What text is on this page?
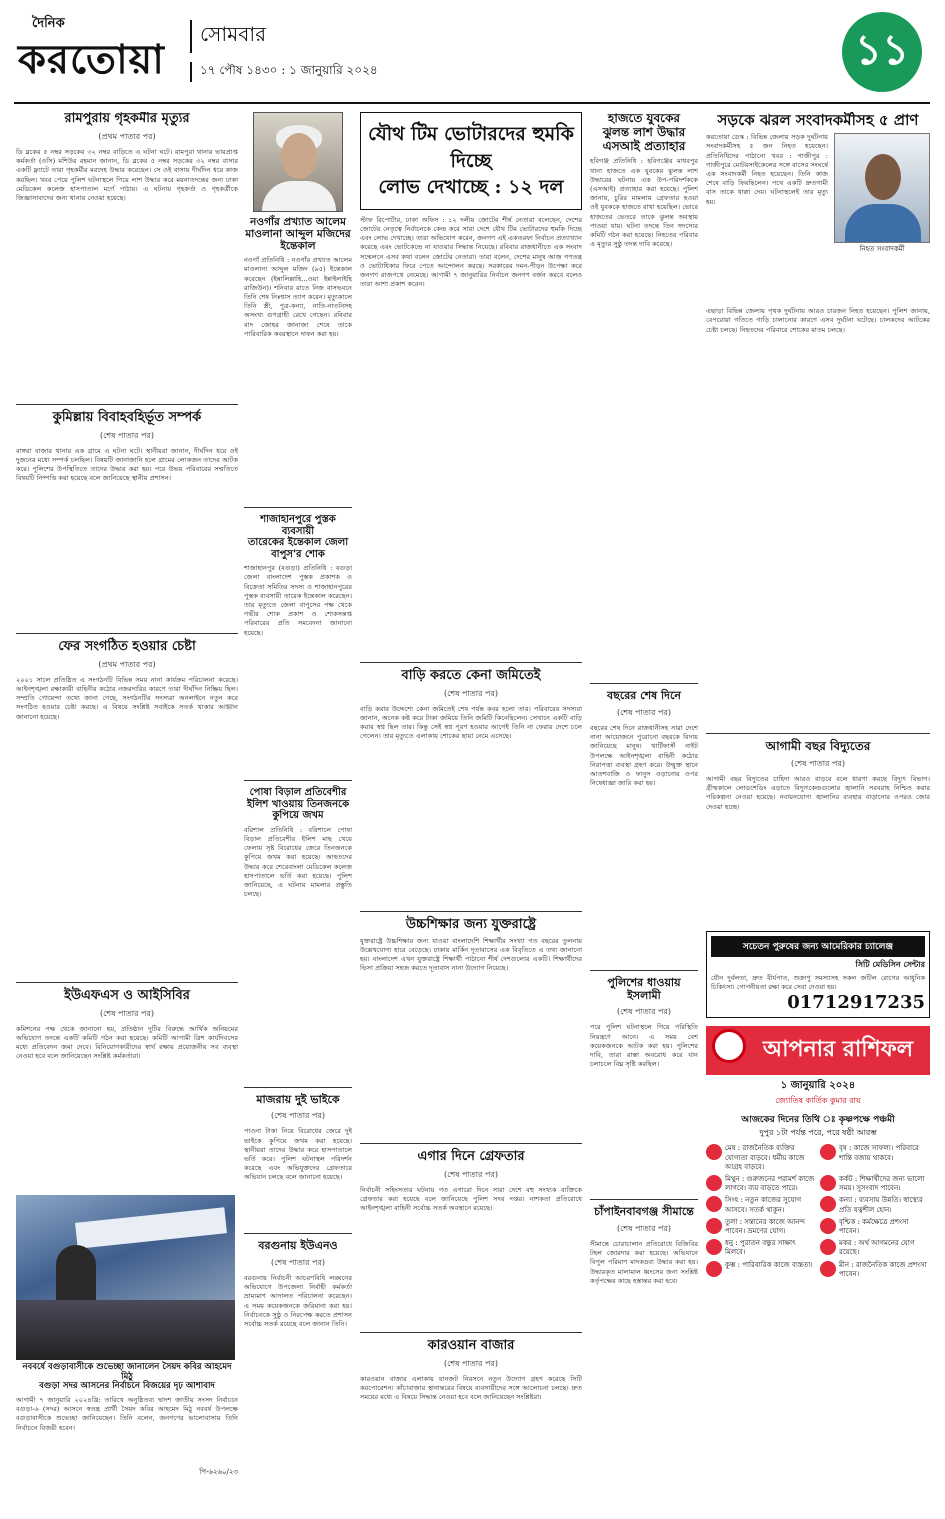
দৈনিক
করতোয়া
সোমবার
১৭ পৌষ ১৪৩০ : ১ জানুয়ারি ২০২৪	১১
রামপুরায় গৃহকর্মীর মৃত্যুর
(প্রথম পাতার পর)
ডি ব্লকের ৫ নম্বর সড়কের ৩২ নম্বর বাড়িতে এ ঘটনা ঘটে। রামপুরা থানার ভারপ্রাপ্ত কর্মকর্তা (ওসি) মশিউর রহমান জানান, ডি ব্লকের ৫ নম্বর সড়কের ৩২ নম্বর বাসার একটি ফ্ল্যাটে তারা গৃহকর্মীর মরদেহ উদ্ধার করেছেন। সে ওই বাসায় দীর্ঘদিন ধরে কাজ করছিল। খবর পেয়ে পুলিশ ঘটনাস্থলে গিয়ে লাশ উদ্ধার করে ময়নাতদন্তের জন্য ঢাকা মেডিকেল কলেজ হাসপাতাল মর্গে পাঠায়। এ ঘটনায় গৃহকর্তা ও গৃহকর্ত্রীকে জিজ্ঞাসাবাদের জন্য থানায় নেওয়া হয়েছে।
কুমিল্লায় বিবাহবহির্ভূত সম্পর্ক
(শেষ পাতার পর)
বাঙ্গরা বাজার থানার এক গ্রামে এ ঘটনা ঘটে। স্থানীয়রা জানান, দীর্ঘদিন ধরে ওই দুজনের মধ্যে সম্পর্ক চলছিল। বিষয়টি জানাজানি হলে গ্রামের লোকজন তাদের আটক করে। পুলিশের উপস্থিতিতে তাদের উদ্ধার করা হয়। পরে উভয় পরিবারের সম্মতিতে বিষয়টি নিষ্পত্তি করা হয়েছে বলে জানিয়েছে স্থানীয় প্রশাসন।
ফের সংগঠিত হওয়ার চেষ্টা
(প্রথম পাতার পর)
২০০১ সালে প্রতিষ্ঠিত এ সংগঠনটি বিভিন্ন সময় নানা কার্যক্রম পরিচালনা করেছে। আইনশৃঙ্খলা রক্ষাকারী বাহিনীর কঠোর নজরদারির কারণে তারা দীর্ঘদিন নিষ্ক্রিয় ছিল। সম্প্রতি গোয়েন্দা তথ্যে জানা গেছে, সংগঠনটির সদস্যরা অনলাইনে নতুন করে সংগঠিত হওয়ার চেষ্টা করছে। এ বিষয়ে সংশ্লিষ্ট সবাইকে সতর্ক থাকার আহ্বান জানানো হয়েছে।
ইউএফএস ও আইসিবির
(শেষ পাতার পর)
কমিশনের পক্ষ থেকে জানানো হয়, প্রতিষ্ঠান দুটির বিরুদ্ধে আর্থিক অনিয়মের অভিযোগ তদন্তে একটি কমিটি গঠন করা হয়েছে। কমিটি আগামী ত্রিশ কার্যদিবসের মধ্যে প্রতিবেদন জমা দেবে। বিনিয়োগকারীদের স্বার্থ রক্ষায় প্রয়োজনীয় সব ব্যবস্থা নেওয়া হবে বলে জানিয়েছেন সংশ্লিষ্ট কর্মকর্তারা।
নববর্ষে বগুড়াবাসীকে শুভেচ্ছা জানালেন সৈয়দ কবির আহমেদ মিঠু
বগুড়া সদর আসনের নির্বাচনে বিজয়ের দৃঢ় আশাবাদ
আগামী ৭ জানুয়ারি ২০২৪খ্রি: তারিখে অনুষ্ঠিতব্য দ্বাদশ জাতীয় সংসদ নির্বাচনে বগুড়া-৬ (সদর) আসনে স্বতন্ত্র প্রার্থী সৈয়দ কবির আহমেদ মিঠু নববর্ষ উপলক্ষে বগুড়াবাসীকে শুভেচ্ছা জানিয়েছেন। তিনি বলেন, জনগণের ভালোবাসায় তিনি নির্বাচনে বিজয়ী হবেন।
পি-৬২৬০/২৩
নওগাঁর প্রখ্যাত আলেম
মাওলানা আব্দুল মজিদের ইন্তেকাল
নওগাঁ প্রতিনিধি : নওগাঁর প্রখ্যাত আলেম মাওলানা আব্দুল মজিদ (৯৫) ইন্তেকাল করেছেন (ইন্নালিল্লাহি...ওয়া ইন্নাইলাইহি রাজিউন)। শনিবার রাতে নিজ বাসভবনে তিনি শেষ নিঃশ্বাস ত্যাগ করেন। মৃত্যুকালে তিনি স্ত্রী, পুত্র-কন্যা, নাতি-নাতনিসহ অসংখ্য গুণগ্রাহী রেখে গেছেন। রবিবার বাদ জোহর জানাজা শেষে তাকে পারিবারিক কবরস্থানে দাফন করা হয়।
শাজাহানপুরে পুস্তক ব্যবসায়ী
তারেকের ইন্তেকাল জেলা
বাপুস'র শোক
শাজাহানপুর (বগুড়া) প্রতিনিধি : বগুড়া জেলা বাংলাদেশ পুস্তক প্রকাশক ও বিক্রেতা সমিতির সদস্য ও শাজাহানপুরের পুস্তক ব্যবসায়ী তারেক ইন্তেকাল করেছেন। তার মৃত্যুতে জেলা বাপুসের পক্ষ থেকে গভীর শোক প্রকাশ ও শোকসন্তপ্ত পরিবারের প্রতি সমবেদনা জানানো হয়েছে।
পোষা বিড়াল প্রতিবেশীর
ইলিশ খাওয়ায় তিনজনকে
কুপিয়ে জখম
বরিশাল প্রতিনিধি : বরিশালে পোষা বিড়াল প্রতিবেশীর ইলিশ মাছ খেয়ে ফেলায় সৃষ্ট বিরোধের জেরে তিনজনকে কুপিয়ে জখম করা হয়েছে। আহতদের উদ্ধার করে শেরেবাংলা মেডিকেল কলেজ হাসপাতালে ভর্তি করা হয়েছে। পুলিশ জানিয়েছে, এ ঘটনায় মামলার প্রস্তুতি চলছে।
মাজরায় দুই ভাইকে
(শেষ পাতার পর)
পাওনা টাকা নিয়ে বিরোধের জেরে দুই ভাইকে কুপিয়ে জখম করা হয়েছে। স্থানীয়রা তাদের উদ্ধার করে হাসপাতালে ভর্তি করে। পুলিশ ঘটনাস্থল পরিদর্শন করেছে এবং অভিযুক্তদের গ্রেফতারে অভিযান চলছে বলে জানানো হয়েছে।
বরগুনায় ইউএনও
(শেষ পাতার পর)
বরগুনায় নির্বাচনী আচরণবিধি লঙ্ঘনের অভিযোগে উপজেলা নির্বাহী কর্মকর্তা ভ্রাম্যমাণ আদালত পরিচালনা করেছেন। এ সময় কয়েকজনকে জরিমানা করা হয়। নির্বাচনকে সুষ্ঠু ও নিরপেক্ষ করতে প্রশাসন সর্বোচ্চ সতর্ক রয়েছে বলে জানান তিনি।
যৌথ টিম ভোটারদের হুমকি দিচ্ছে
লোভ দেখাচ্ছে : ১২ দল
স্টাফ রিপোর্টার, ঢাকা অফিস : ১২ দলীয় জোটের শীর্ষ নেতারা বলেছেন, দেশের জোটের নেতৃত্বে নির্বাচনকে কেন্দ্র করে সারা দেশে যৌথ টিম ভোটারদের হুমকি দিচ্ছে এবং লোভ দেখাচ্ছে। তারা অভিযোগ করেন, জনগণ এই একতরফা নির্বাচন প্রত্যাখ্যান করেছে এবং ভোটকেন্দ্রে না যাওয়ার সিদ্ধান্ত নিয়েছে। রবিবার রাজধানীতে এক সংবাদ সম্মেলনে এসব কথা বলেন জোটের নেতারা। তারা বলেন, দেশের মানুষ আজ গণতন্ত্র ও ভোটাধিকার ফিরে পেতে আন্দোলন করছে। সরকারের দমন-পীড়ন উপেক্ষা করে জনগণ রাজপথে নেমেছে। আগামী ৭ জানুয়ারির নির্বাচন জনগণ বর্জন করবে বলেও তারা আশা প্রকাশ করেন।
বাড়ি করতে কেনা জমিতেই
(শেষ পাতার পর)
বাড়ি করার উদ্দেশ্যে কেনা জমিতেই শেষ পর্যন্ত কবর হলো তার। পরিবারের সদস্যরা জানান, অনেক কষ্ট করে টাকা জমিয়ে তিনি জমিটি কিনেছিলেন। সেখানে একটি বাড়ি করার স্বপ্ন ছিল তার। কিন্তু সেই স্বপ্ন পূরণ হওয়ার আগেই তিনি না ফেরার দেশে চলে গেলেন। তার মৃত্যুতে এলাকায় শোকের ছায়া নেমে এসেছে।
উচ্চশিক্ষার জন্য যুক্তরাষ্ট্রে
যুক্তরাষ্ট্রে উচ্চশিক্ষার জন্য যাওয়া বাংলাদেশি শিক্ষার্থীর সংখ্যা গত বছরের তুলনায় উল্লেখযোগ্য হারে বেড়েছে। ঢাকায় মার্কিন দূতাবাসের এক বিবৃতিতে এ তথ্য জানানো হয়। বাংলাদেশ এখন যুক্তরাষ্ট্রে শিক্ষার্থী পাঠানো শীর্ষ দেশগুলোর একটি। শিক্ষার্থীদের ভিসা প্রক্রিয়া সহজ করতে দূতাবাস নানা উদ্যোগ নিয়েছে।
এগার দিনে গ্রেফতার
(শেষ পাতার পর)
নির্বাচনী সহিংসতার ঘটনায় গত এগারো দিনে সারা দেশে বহু সংখ্যক ব্যক্তিকে গ্রেফতার করা হয়েছে বলে জানিয়েছে পুলিশ সদর দপ্তর। নাশকতা প্রতিরোধে আইনশৃঙ্খলা বাহিনী সর্বোচ্চ সতর্ক অবস্থানে রয়েছে।
কারওয়ান বাজার
(শেষ পাতার পর)
কারওয়ান বাজার এলাকায় যানজট নিরসনে নতুন উদ্যোগ গ্রহণ করেছে সিটি করপোরেশন। কাঁচাবাজার স্থানান্তরের বিষয়ে ব্যবসায়ীদের সঙ্গে আলোচনা চলছে। দ্রুত সময়ের মধ্যে এ বিষয়ে সিদ্ধান্ত নেওয়া হবে বলে জানিয়েছেন সংশ্লিষ্টরা।
হাজতে যুবকের
ঝুলন্ত লাশ উদ্ধার
এসআই প্রত্যাহার
হবিগঞ্জ প্রতিনিধি : হবিগঞ্জের মাধবপুর থানা হাজতে এক যুবকের ঝুলন্ত লাশ উদ্ধারের ঘটনায় এক উপ-পরিদর্শককে (এসআই) প্রত্যাহার করা হয়েছে। পুলিশ জানায়, চুরির মামলায় গ্রেফতার হওয়া ওই যুবককে হাজতে রাখা হয়েছিল। ভোরে হাজতের ভেতরে তাকে ঝুলন্ত অবস্থায় পাওয়া যায়। ঘটনা তদন্তে তিন সদস্যের কমিটি গঠন করা হয়েছে। নিহতের পরিবার এ মৃত্যুর সুষ্ঠু তদন্ত দাবি করেছে।
বছরের শেষ দিনে
(শেষ পাতার পর)
বছরের শেষ দিনে রাজধানীসহ সারা দেশে নানা আয়োজনে পুরোনো বছরকে বিদায় জানিয়েছে মানুষ। থার্টিফার্স্ট নাইট উপলক্ষে আইনশৃঙ্খলা বাহিনী কঠোর নিরাপত্তা ব্যবস্থা গ্রহণ করে। উন্মুক্ত স্থানে আতশবাজি ও ফানুস ওড়ানোর ওপর নিষেধাজ্ঞা জারি করা হয়।
পুলিশের ধাওয়ায় ইসলামী
(শেষ পাতার পর)
পরে পুলিশ ঘটনাস্থলে গিয়ে পরিস্থিতি নিয়ন্ত্রণে আনে। এ সময় বেশ কয়েকজনকে আটক করা হয়। পুলিশের দাবি, তারা রাস্তা অবরোধ করে যান চলাচলে বিঘ্ন সৃষ্টি করছিল।
চাঁপাইনবাবগঞ্জ সীমান্তে
(শেষ পাতার পর)
সীমান্তে চোরাচালান প্রতিরোধে বিজিবির টহল জোরদার করা হয়েছে। অভিযানে বিপুল পরিমাণ মাদকদ্রব্য উদ্ধার করা হয়। উদ্ধারকৃত মালামাল ধ্বংসের জন্য সংশ্লিষ্ট কর্তৃপক্ষের কাছে হস্তান্তর করা হবে।
সড়কে ঝরল সংবাদকর্মীসহ ৫ প্রাণ
করতোয়া ডেস্ক : বিভিন্ন জেলায় সড়ক দুর্ঘটনায় সংবাদকর্মীসহ ৫ জন নিহত হয়েছেন। প্রতিনিধিদের পাঠানো খবর : গাজীপুর : গাজীপুরে মোটরসাইকেলের সঙ্গে বাসের সংঘর্ষে এক সংবাদকর্মী নিহত হয়েছেন। তিনি কাজ শেষে বাড়ি ফিরছিলেন। পথে একটি দ্রুতগামী বাস তাকে ধাক্কা দেয়। ঘটনাস্থলেই তার মৃত্যু হয়।
নিহত সংবাদকর্মী
এছাড়া বিভিন্ন জেলায় পৃথক দুর্ঘটনায় আরও চারজন নিহত হয়েছেন। পুলিশ জানায়, বেপরোয়া গতিতে গাড়ি চালানোর কারণে এসব দুর্ঘটনা ঘটেছে। চালকদের আটকের চেষ্টা চলছে। নিহতদের পরিবারে শোকের মাতম চলছে।
আগামী বছর বিদ্যুতের
(শেষ পাতার পর)
আগামী বছর বিদ্যুতের চাহিদা আরও বাড়বে বলে ধারণা করছে বিদ্যুৎ বিভাগ। গ্রীষ্মকালে লোডশেডিং এড়াতে বিদ্যুৎকেন্দ্রগুলোর জ্বালানি সরবরাহ নিশ্চিত করার পরিকল্পনা নেওয়া হয়েছে। নবায়নযোগ্য জ্বালানির ব্যবহার বাড়ানোর ওপরও জোর দেওয়া হচ্ছে।
সচেতন পুরুষের জন্য আমেরিকার চ্যালেঞ্জ
সিটি মেডিসিন সেন্টার
যৌন দুর্বলতা, দ্রুত বীর্যপাত, শুক্রাণু সমস্যাসহ সকল জটিল রোগের আধুনিক চিকিৎসা। গোপনীয়তা রক্ষা করে সেবা দেওয়া হয়।
01712917235
আপনার রাশিফল
১ জানুয়ারি ২০২৪
জ্যোতিষ কার্তিক কুমার রায়
আজকের দিনের তিথি ঃ কৃষ্ণপক্ষে পঞ্চমী
দুপুর ১টা পর্যন্ত পরে, পরে ষষ্ঠী আরম্ভ
মেষ : রাজনৈতিক ব্যক্তির যোগ্যতা বাড়বে। ধর্মীয় কাজে আগ্রহ বাড়বে।
বৃষ : কাজে সাফল্য। পরিবারে শান্তি বজায় থাকবে।
মিথুন : গুরুজনের পরামর্শ কাজে লাগবে। ব্যয় বাড়তে পারে।
কর্কট : শিক্ষার্থীদের জন্য ভালো সময়। সুসংবাদ পাবেন।
সিংহ : নতুন কাজের সুযোগ আসবে। সতর্ক থাকুন।
কন্যা : ব্যবসায় উন্নতি। স্বাস্থ্যের প্রতি যত্নশীল হোন।
তুলা : সন্তানের কাজে আনন্দ পাবেন। ভ্রমণের যোগ।
বৃশ্চিক : কর্মক্ষেত্রে প্রশংসা পাবেন।
ধনু : পুরাতন বন্ধুর সাক্ষাৎ মিলবে।
মকর : অর্থ আগমনের যোগ রয়েছে।
কুম্ভ : পারিবারিক কাজে ব্যস্ততা।	মীন : রাজনৈতিক কাজে প্রশংসা পাবেন।
